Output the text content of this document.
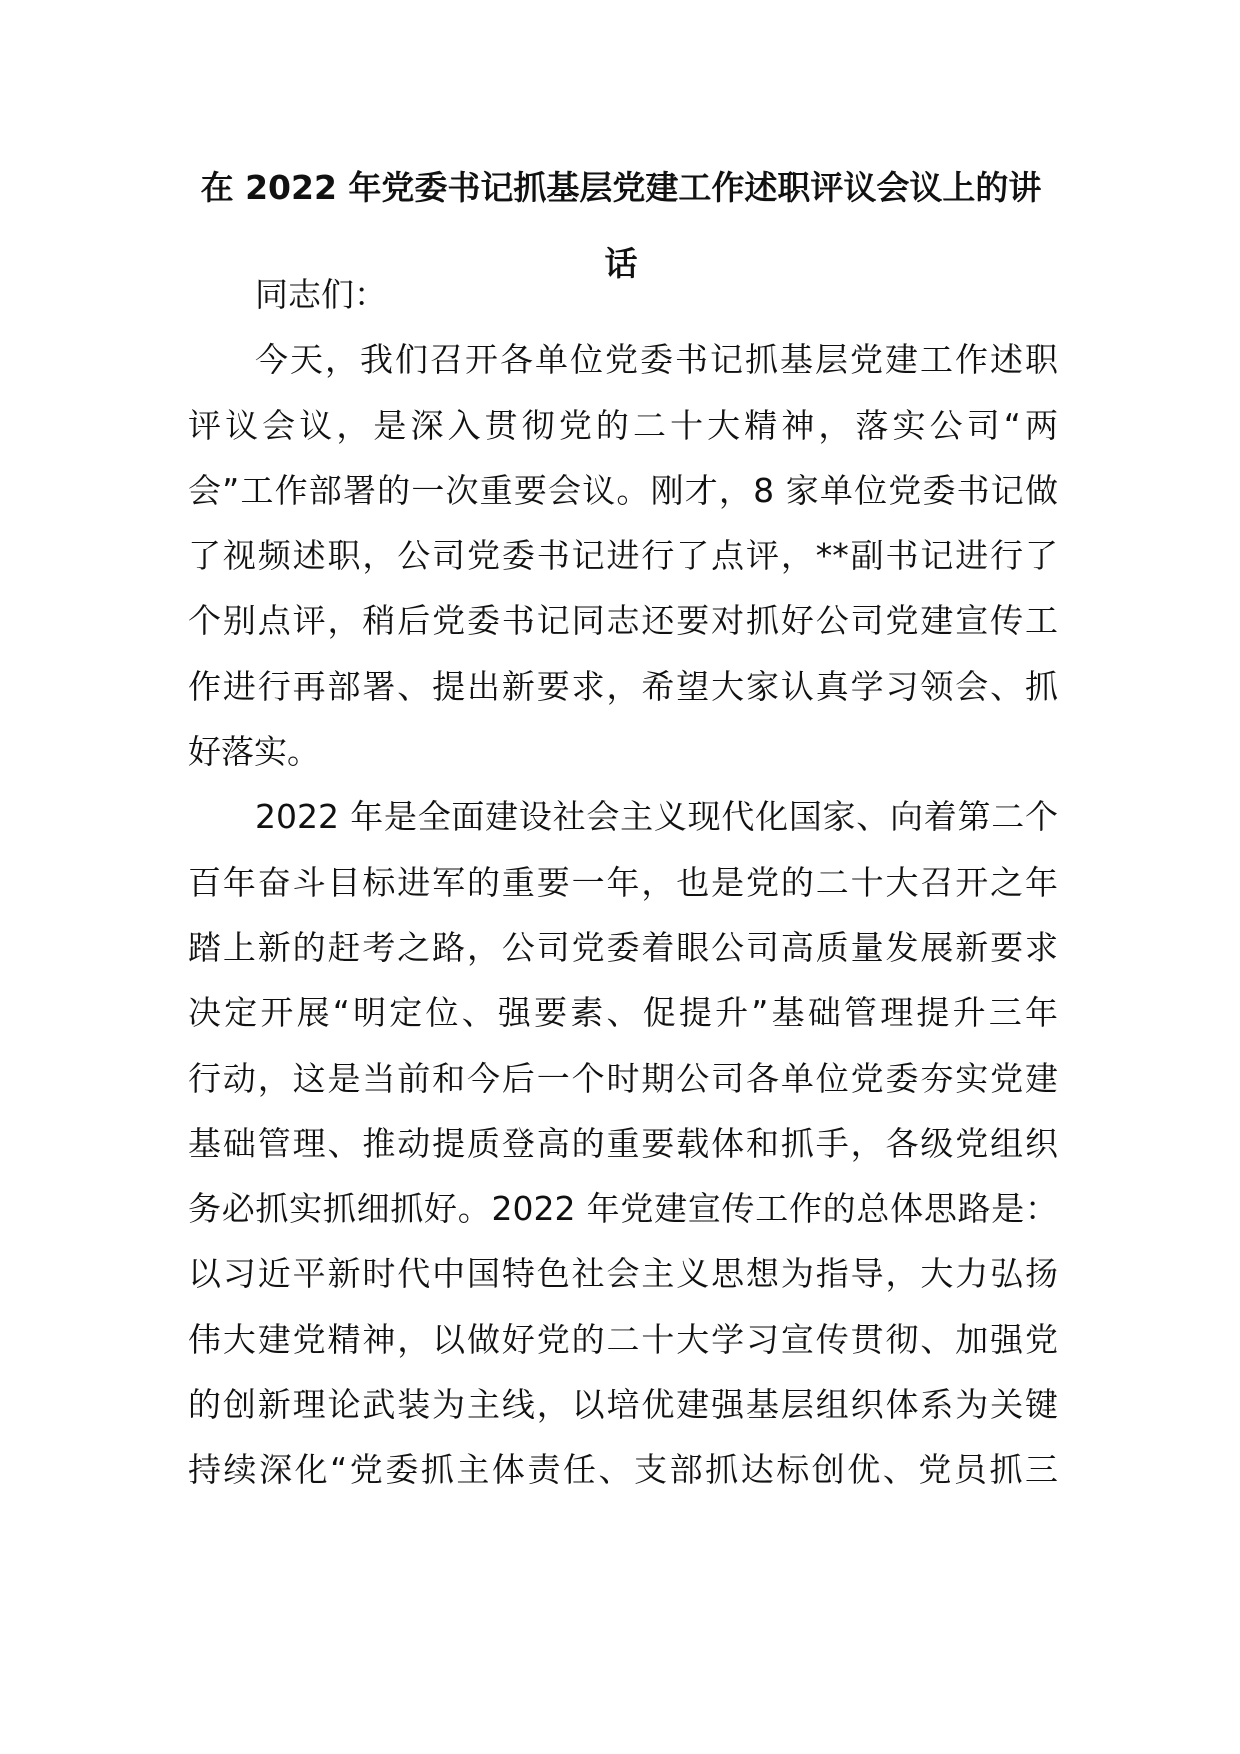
在 2022 年党委书记抓基层党建工作述职评议会议上的讲
话
同志们：
今天，我们召开各单位党委书记抓基层党建工作述职
评议会议，是深入贯彻党的二十大精神，落实公司“两
会”工作部署的一次重要会议。刚才，8 家单位党委书记做
了视频述职，公司党委书记进行了点评，**副书记进行了
个别点评，稍后党委书记同志还要对抓好公司党建宣传工
作进行再部署、提出新要求，希望大家认真学习领会、抓
好落实。
2022 年是全面建设社会主义现代化国家、向着第二个
百年奋斗目标进军的重要一年，也是党的二十大召开之年
踏上新的赶考之路，公司党委着眼公司高质量发展新要求
决定开展“明定位、强要素、促提升”基础管理提升三年
行动，这是当前和今后一个时期公司各单位党委夯实党建
基础管理、推动提质登高的重要载体和抓手，各级党组织
务必抓实抓细抓好。2022 年党建宣传工作的总体思路是：
以习近平新时代中国特色社会主义思想为指导，大力弘扬
伟大建党精神，以做好党的二十大学习宣传贯彻、加强党
的创新理论武装为主线，以培优建强基层组织体系为关键
持续深化“党委抓主体责任、支部抓达标创优、党员抓三
